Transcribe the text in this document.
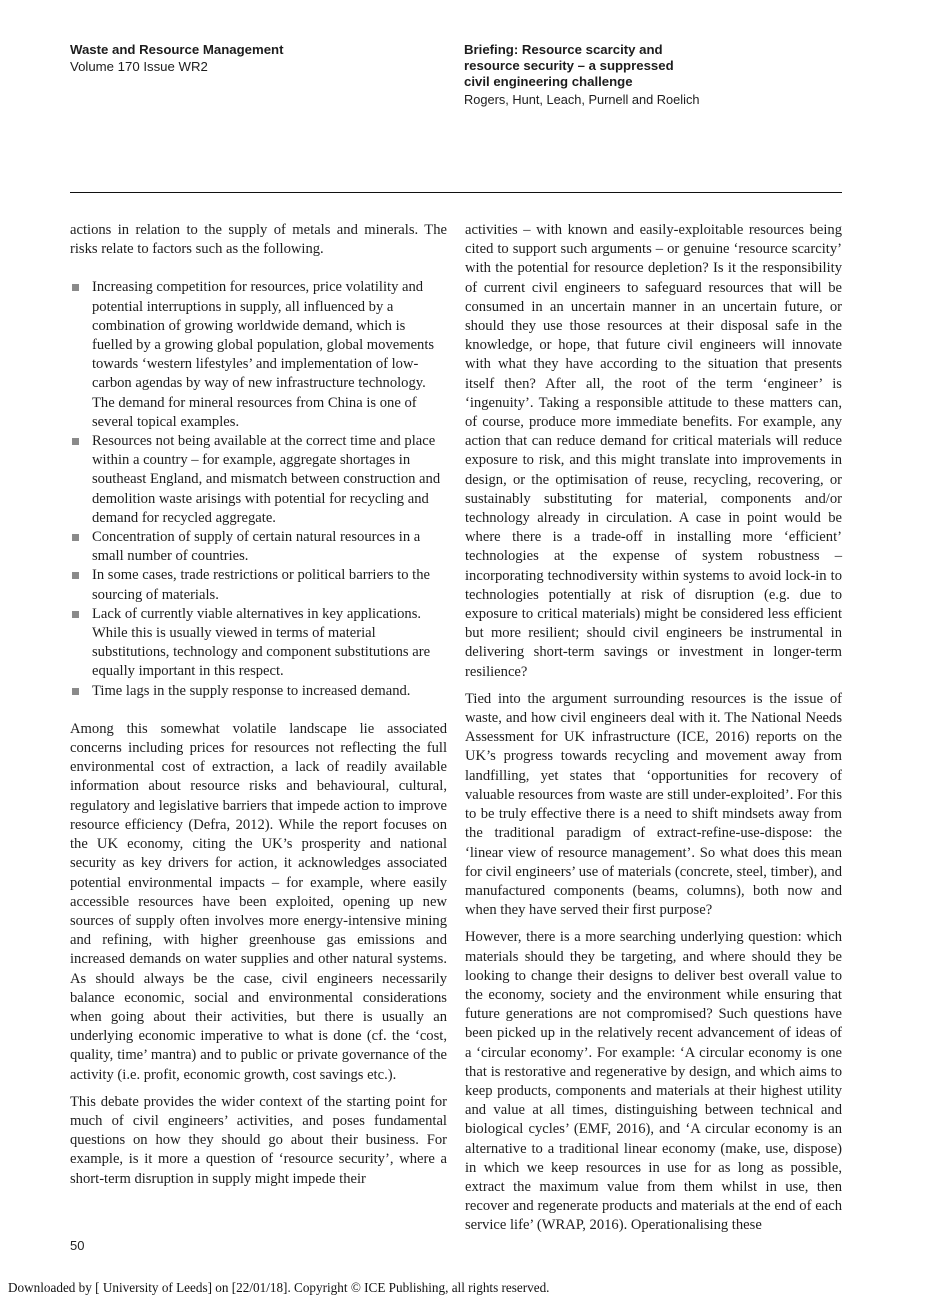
Waste and Resource Management
Volume 170 Issue WR2
Briefing: Resource scarcity and resource security – a suppressed civil engineering challenge
Rogers, Hunt, Leach, Purnell and Roelich

actions in relation to the supply of metals and minerals. The risks relate to factors such as the following.

Increasing competition for resources, price volatility and potential interruptions in supply, all influenced by a combination of growing worldwide demand, which is fuelled by a growing global population, global movements towards ‘western lifestyles’ and implementation of low-carbon agendas by way of new infrastructure technology. The demand for mineral resources from China is one of several topical examples.
Resources not being available at the correct time and place within a country – for example, aggregate shortages in southeast England, and mismatch between construction and demolition waste arisings with potential for recycling and demand for recycled aggregate.
Concentration of supply of certain natural resources in a small number of countries.
In some cases, trade restrictions or political barriers to the sourcing of materials.
Lack of currently viable alternatives in key applications. While this is usually viewed in terms of material substitutions, technology and component substitutions are equally important in this respect.
Time lags in the supply response to increased demand.

Among this somewhat volatile landscape lie associated concerns including prices for resources not reflecting the full environmental cost of extraction, a lack of readily available information about resource risks and behavioural, cultural, regulatory and legislative barriers that impede action to improve resource efficiency (Defra, 2012). While the report focuses on the UK economy, citing the UK’s prosperity and national security as key drivers for action, it acknowledges associated potential environmental impacts – for example, where easily accessible resources have been exploited, opening up new sources of supply often involves more energy-intensive mining and refining, with higher greenhouse gas emissions and increased demands on water supplies and other natural systems. As should always be the case, civil engineers necessarily balance economic, social and environmental considerations when going about their activities, but there is usually an underlying economic imperative to what is done (cf. the ‘cost, quality, time’ mantra) and to public or private governance of the activity (i.e. profit, economic growth, cost savings etc.).

This debate provides the wider context of the starting point for much of civil engineers’ activities, and poses fundamental questions on how they should go about their business. For example, is it more a question of ‘resource security’, where a short-term disruption in supply might impede their

activities – with known and easily-exploitable resources being cited to support such arguments – or genuine ‘resource scarcity’ with the potential for resource depletion? Is it the responsibility of current civil engineers to safeguard resources that will be consumed in an uncertain manner in an uncertain future, or should they use those resources at their disposal safe in the knowledge, or hope, that future civil engineers will innovate with what they have according to the situation that presents itself then? After all, the root of the term ‘engineer’ is ‘ingenuity’. Taking a responsible attitude to these matters can, of course, produce more immediate benefits. For example, any action that can reduce demand for critical materials will reduce exposure to risk, and this might translate into improvements in design, or the optimisation of reuse, recycling, recovering, or sustainably substituting for material, components and/or technology already in circulation. A case in point would be where there is a trade-off in installing more ‘efficient’ technologies at the expense of system robustness – incorporating technodiversity within systems to avoid lock-in to technologies potentially at risk of disruption (e.g. due to exposure to critical materials) might be considered less efficient but more resilient; should civil engineers be instrumental in delivering short-term savings or investment in longer-term resilience?

Tied into the argument surrounding resources is the issue of waste, and how civil engineers deal with it. The National Needs Assessment for UK infrastructure (ICE, 2016) reports on the UK’s progress towards recycling and movement away from landfilling, yet states that ‘opportunities for recovery of valuable resources from waste are still under-exploited’. For this to be truly effective there is a need to shift mindsets away from the traditional paradigm of extract-refine-use-dispose: the ‘linear view of resource management’. So what does this mean for civil engineers’ use of materials (concrete, steel, timber), and manufactured components (beams, columns), both now and when they have served their first purpose?

However, there is a more searching underlying question: which materials should they be targeting, and where should they be looking to change their designs to deliver best overall value to the economy, society and the environment while ensuring that future generations are not compromised? Such questions have been picked up in the relatively recent advancement of ideas of a ‘circular economy’. For example: ‘A circular economy is one that is restorative and regenerative by design, and which aims to keep products, components and materials at their highest utility and value at all times, distinguishing between technical and biological cycles’ (EMF, 2016), and ‘A circular economy is an alternative to a traditional linear economy (make, use, dispose) in which we keep resources in use for as long as possible, extract the maximum value from them whilst in use, then recover and regenerate products and materials at the end of each service life’ (WRAP, 2016). Operationalising these

50
Downloaded by [ University of Leeds] on [22/01/18]. Copyright © ICE Publishing, all rights reserved.
